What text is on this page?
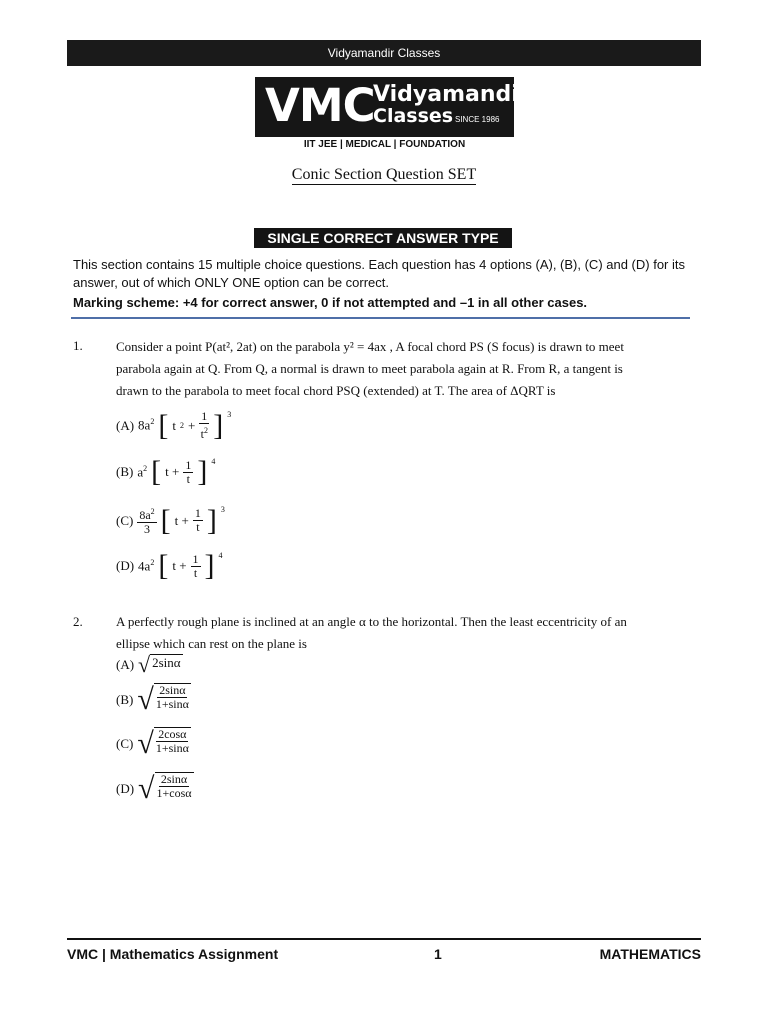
Vidyamandir Classes
VMC
Vidyamandir
Classes SINCE 1986
IIT JEE | MEDICAL | FOUNDATION
Conic Section Question SET
SINGLE CORRECT ANSWER TYPE
This section contains 15 multiple choice questions. Each question has 4 options (A), (B), (C) and (D) for its answer, out of which ONLY ONE option can be correct.
Marking scheme: +4 for correct answer, 0 if not attempted and –1 in all other cases.
1.	Consider a point P(at², 2at) on the parabola y² = 4ax , A focal chord PS (S focus) is drawn to meet
parabola again at Q. From Q, a normal is drawn to meet parabola again at R. From R, a tangent is
drawn to the parabola to meet focal chord PSQ (extended) at T. The area of ΔQRT is
(A) $8a^2$ [ t $2 + \frac{1}{t^2}$ ] $^3$
(B) $a^2$ [ $t + \frac{1}{t}$ ] $^4$
$(C) \frac{8a^2}{3}$ [ $t + \frac{1}{t}$ ] $^3$
(D) $4a^2$ [ $t + \frac{1}{t}$ ] $^4$
2.	A perfectly rough plane is inclined at an angle α to the horizontal. Then the least eccentricity of an
ellipse which can rest on the plane is
(A) √ 2sinα
(B) √ $\frac{2\sin\alpha}{1+\sin\alpha}$
(C) √ $\frac{2\cos\alpha}{1+\sin\alpha}$
(D) √ $\frac{2\sin\alpha}{1+\cos\alpha}$
VMC | Mathematics Assignment	1	MATHEMATICS
